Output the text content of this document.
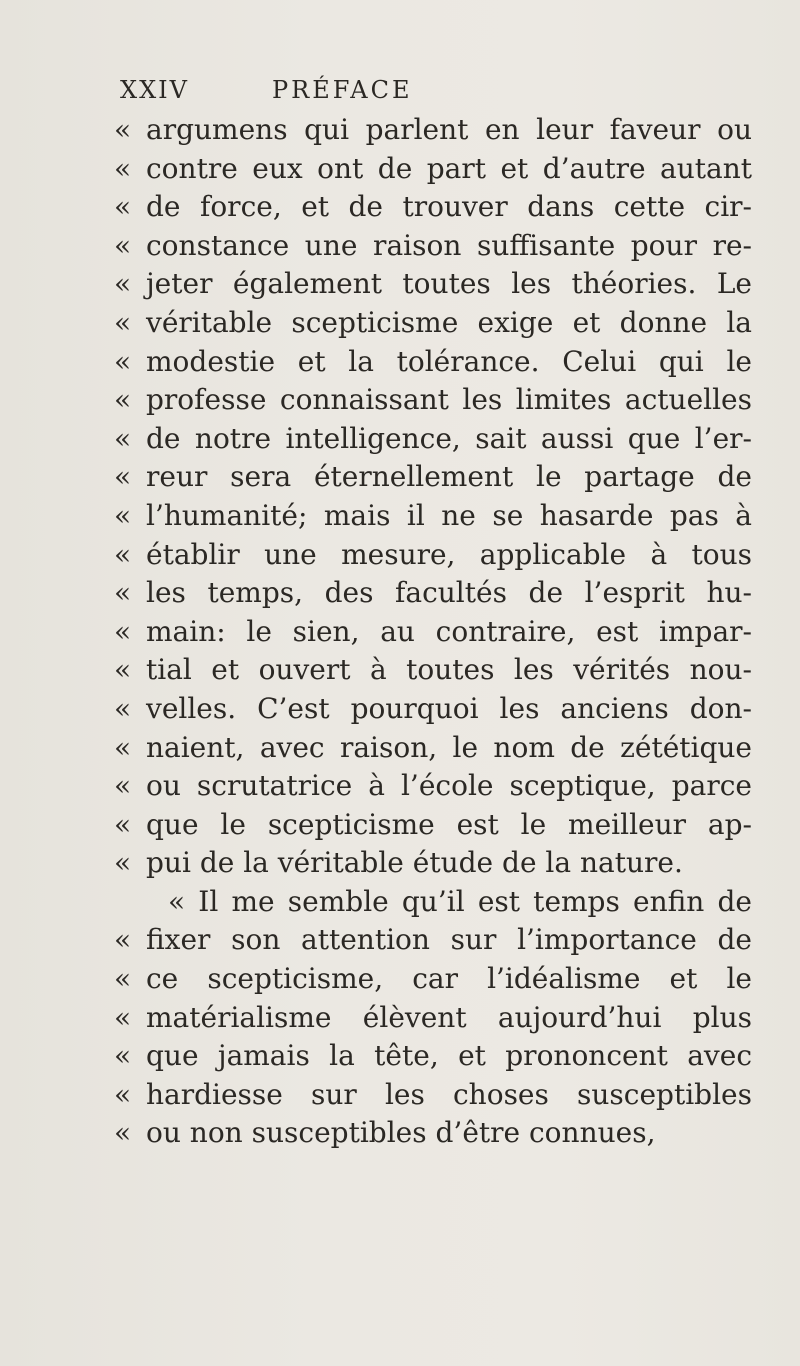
XXIV	PRÉFACE
« argumens qui parlent en leur faveur ou
« contre eux ont de part et d’autre autant
« de force, et de trouver dans cette cir-
« constance une raison suffisante pour re-
« jeter également toutes les théories. Le
« véritable scepticisme exige et donne la
« modestie et la tolérance. Celui qui le
« professe connaissant les limites actuelles
« de notre intelligence, sait aussi que l’er-
« reur sera éternellement le partage de
« l’humanité; mais il ne se hasarde pas à
« établir une mesure, applicable à tous
« les temps, des facultés de l’esprit hu-
« main: le sien, au contraire, est impar-
« tial et ouvert à toutes les vérités nou-
« velles. C’est pourquoi les anciens don-
« naient, avec raison, le nom de zététique
« ou scrutatrice à l’école sceptique, parce
« que le scepticisme est le meilleur ap-
« pui de la véritable étude de la nature.
« Il me semble qu’il est temps enfin de
« fixer son attention sur l’importance de
« ce scepticisme, car l’idéalisme et le
« matérialisme élèvent aujourd’hui plus
« que jamais la tête, et prononcent avec
« hardiesse sur les choses susceptibles
« ou non susceptibles d’être connues,
